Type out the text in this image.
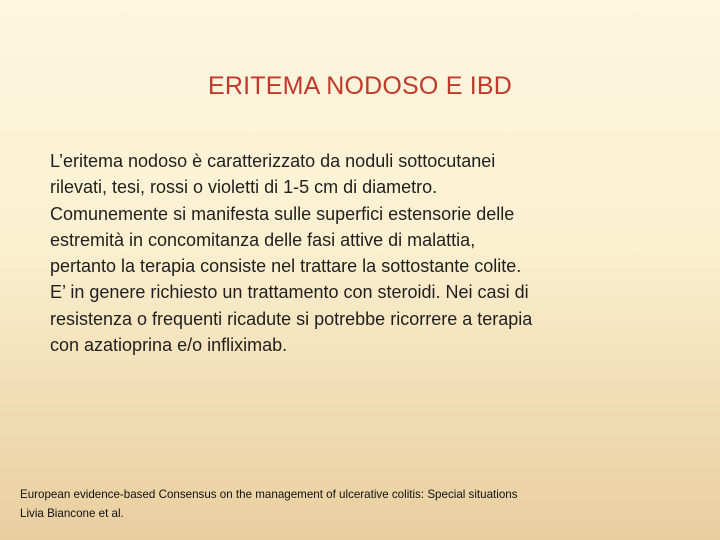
ERITEMA NODOSO E IBD
L’eritema nodoso è caratterizzato da noduli sottocutanei
rilevati, tesi, rossi o violetti di 1-5 cm di diametro.
Comunemente si manifesta sulle superfici estensorie delle
estremità in concomitanza delle fasi attive di malattia,
pertanto la terapia consiste nel trattare la sottostante colite.
E’ in genere richiesto un trattamento con steroidi. Nei casi di
resistenza o frequenti ricadute si potrebbe ricorrere a terapia
con azatioprina e/o infliximab.
European evidence-based Consensus on the management of ulcerative colitis: Special situations
Livia Biancone et al.
